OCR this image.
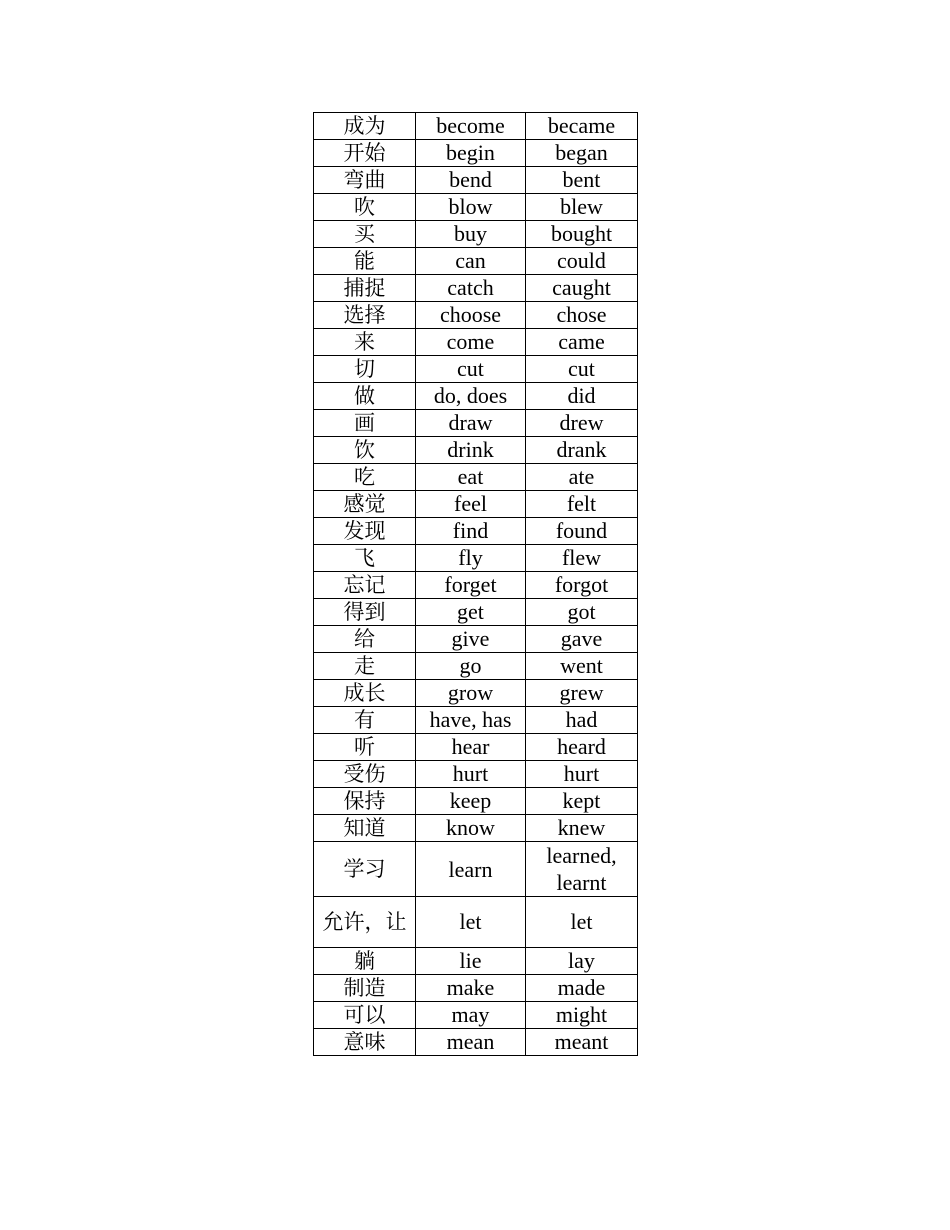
成为	become	became
开始	begin	began
弯曲	bend	bent
吹	blow	blew
买	buy	bought
能	can	could
捕捉	catch	caught
选择	choose	chose
来	come	came
切	cut	cut
做	do, does	did
画	draw	drew
饮	drink	drank
吃	eat	ate
感觉	feel	felt
发现	find	found
飞	fly	flew
忘记	forget	forgot
得到	get	got
给	give	gave
走	go	went
成长	grow	grew
有	have, has	had
听	hear	heard
受伤	hurt	hurt
保持	keep	kept
知道	know	knew
学习	learn	learned, learnt
允许，让	let	let
躺	lie	lay
制造	make	made
可以	may	might
意味	mean	meant
